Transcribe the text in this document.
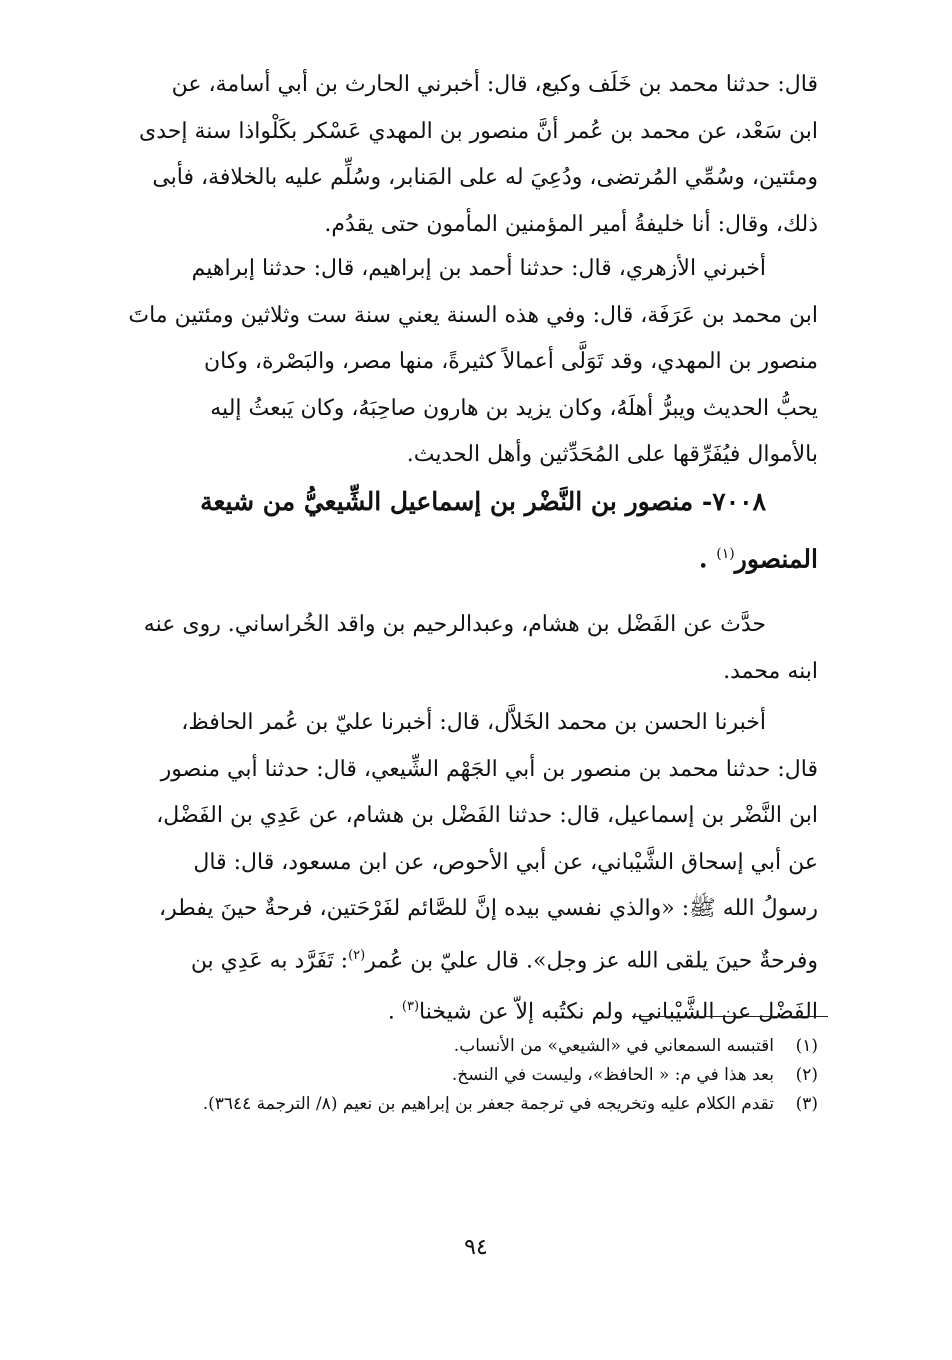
قال: حدثنا محمد بن خَلَف وكيع، قال: أخبرني الحارث بن أبي أسامة، عن

ابن سَعْد، عن محمد بن عُمر أنَّ منصور بن المهدي عَسْكر بكَلْواذا سنة إحدى

ومئتين، وسُمِّي المُرتضى، ودُعِيَ له على المَنابر، وسُلِّم عليه بالخلافة، فأبى

ذلك، وقال: أنا خليفةُ أمير المؤمنين المأمون حتى يقدُم.

أخبرني الأزهري، قال: حدثنا أحمد بن إبراهيم، قال: حدثنا إبراهيم

ابن محمد بن عَرَفَة، قال: وفي هذه السنة يعني سنة ست وثلاثين ومئتين ماتَ

منصور بن المهدي، وقد تَوَلَّى أعمالاً كثيرةً، منها مصر، والبَصْرة، وكان

يحبُّ الحديث ويبرُّ أهلَهُ، وكان يزيد بن هارون صاحِبَهُ، وكان يَبعثُ إليه

بالأموال فيُفَرِّقها على المُحَدِّثين وأهل الحديث.

٧٠٠٨- منصور بن النَّضْر بن إسماعيل الشِّيعيُّ من شيعة

المنصور$^{(١)}$ .

حدَّث عن الفَضْل بن هشام، وعبدالرحيم بن واقد الخُراساني. روى عنه

ابنه محمد.

أخبرنا الحسن بن محمد الخَلاَّل، قال: أخبرنا عليّ بن عُمر الحافظ،

قال: حدثنا محمد بن منصور بن أبي الجَهْم الشِّيعي، قال: حدثنا أبي منصور

ابن النَّضْر بن إسماعيل، قال: حدثنا الفَضْل بن هشام، عن عَدِي بن الفَضْل،

عن أبي إسحاق الشَّيْباني، عن أبي الأحوص، عن ابن مسعود، قال: قال

رسولُ الله ﷺ: «والذي نفسي بيده إنَّ للصَّائم لفَرْحَتين، فرحةٌ حينَ يفطر،

وفرحةٌ حينَ يلقى الله عز وجل». قال عليّ بن عُمر$^{(٢)}$: تَفَرَّد به عَدِي بن

الفَضْل عن الشَّيْباني، ولم نكتُبه إلاّ عن شيخنا$^{(٣)}$ .

(١)اقتبسه السمعاني في «الشيعي» من الأنساب.

(٢)بعد هذا في م: « الحافظ»، وليست في النسخ.

(٣)تقدم الكلام عليه وتخريجه في ترجمة جعفر بن إبراهيم بن نعيم (٨/ الترجمة ٣٦٤٤).

٩٤
